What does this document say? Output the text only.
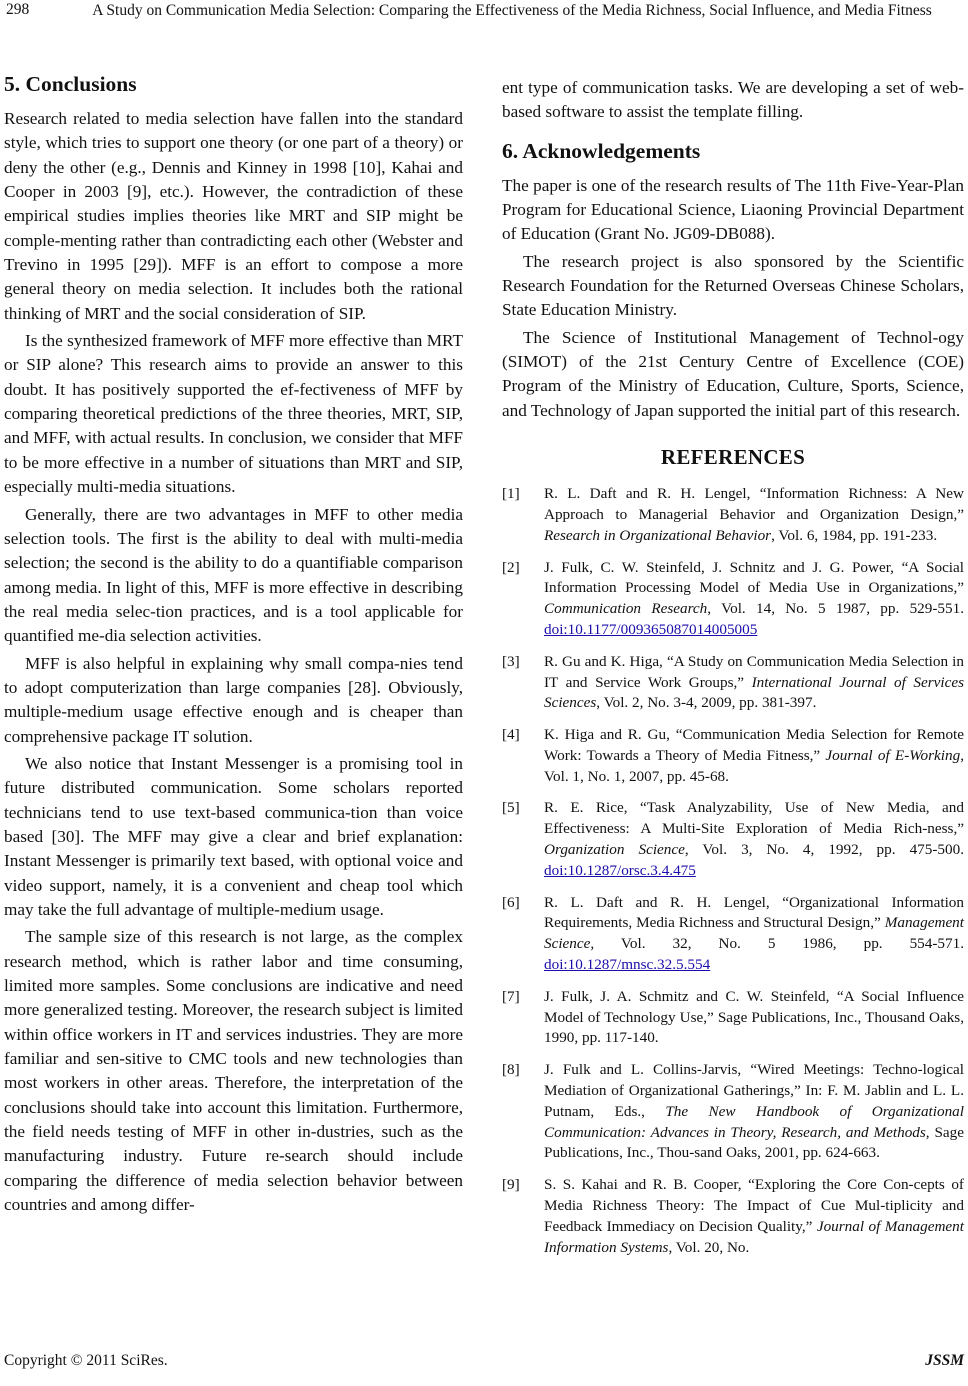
298	A Study on Communication Media Selection: Comparing the Effectiveness of the Media Richness, Social Influence, and Media Fitness
5. Conclusions

Research related to media selection have fallen into the standard style, which tries to support one theory (or one part of a theory) or deny the other (e.g., Dennis and Kinney in 1998 [10], Kahai and Cooper in 2003 [9], etc.). However, the contradiction of these empirical studies implies theories like MRT and SIP might be comple-menting rather than contradicting each other (Webster and Trevino in 1995 [29]). MFF is an effort to compose a more general theory on media selection. It includes both the rational thinking of MRT and the social consideration of SIP.

Is the synthesized framework of MFF more effective than MRT or SIP alone? This research aims to provide an answer to this doubt. It has positively supported the ef-fectiveness of MFF by comparing theoretical predictions of the three theories, MRT, SIP, and MFF, with actual results. In conclusion, we consider that MFF to be more effective in a number of situations than MRT and SIP, especially multi-media situations.

Generally, there are two advantages in MFF to other media selection tools. The first is the ability to deal with multi-media selection; the second is the ability to do a quantifiable comparison among media. In light of this, MFF is more effective in describing the real media selec-tion practices, and is a tool applicable for quantified me-dia selection activities.

MFF is also helpful in explaining why small compa-nies tend to adopt computerization than large companies [28]. Obviously, multiple-medium usage effective enough and is cheaper than comprehensive package IT solution.

We also notice that Instant Messenger is a promising tool in future distributed communication. Some scholars reported technicians tend to use text-based communica-tion than voice based [30]. The MFF may give a clear and brief explanation: Instant Messenger is primarily text based, with optional voice and video support, namely, it is a convenient and cheap tool which may take the full advantage of multiple-medium usage.

The sample size of this research is not large, as the complex research method, which is rather labor and time consuming, limited more samples. Some conclusions are indicative and need more generalized testing. Moreover, the research subject is limited within office workers in IT and services industries. They are more familiar and sen-sitive to CMC tools and new technologies than most workers in other areas. Therefore, the interpretation of the conclusions should take into account this limitation. Furthermore, the field needs testing of MFF in other in-dustries, such as the manufacturing industry. Future re-search should include comparing the difference of media selection behavior between countries and among differ-

ent type of communication tasks. We are developing a set of web-based software to assist the template filling.

6. Acknowledgements

The paper is one of the research results of The 11th Five-Year-Plan Program for Educational Science, Liaoning Provincial Department of Education (Grant No. JG09-DB088).

The research project is also sponsored by the Scientific Research Foundation for the Returned Overseas Chinese Scholars, State Education Ministry.

The Science of Institutional Management of Technol-ogy (SIMOT) of the 21st Century Centre of Excellence (COE) Program of the Ministry of Education, Culture, Sports, Science, and Technology of Japan supported the initial part of this research.

REFERENCES
[1]	R. L. Daft and R. H. Lengel, “Information Richness: A New Approach to Managerial Behavior and Organization Design,” Research in Organizational Behavior, Vol. 6, 1984, pp. 191-233.
[2]	J. Fulk, C. W. Steinfeld, J. Schnitz and J. G. Power, “A Social Information Processing Model of Media Use in Organizations,” Communication Research, Vol. 14, No. 5 1987, pp. 529-551. doi:10.1177/009365087014005005
[3]	R. Gu and K. Higa, “A Study on Communication Media Selection in IT and Service Work Groups,” International Journal of Services Sciences, Vol. 2, No. 3-4, 2009, pp. 381-397.
[4]	K. Higa and R. Gu, “Communication Media Selection for Remote Work: Towards a Theory of Media Fitness,” Journal of E-Working, Vol. 1, No. 1, 2007, pp. 45-68.
[5]	R. E. Rice, “Task Analyzability, Use of New Media, and Effectiveness: A Multi-Site Exploration of Media Rich-ness,” Organization Science, Vol. 3, No. 4, 1992, pp. 475-500. doi:10.1287/orsc.3.4.475
[6]	R. L. Daft and R. H. Lengel, “Organizational Information Requirements, Media Richness and Structural Design,” Management Science, Vol. 32, No. 5 1986, pp. 554-571. doi:10.1287/mnsc.32.5.554
[7]	J. Fulk, J. A. Schmitz and C. W. Steinfeld, “A Social Influence Model of Technology Use,” Sage Publications, Inc., Thousand Oaks, 1990, pp. 117-140.
[8]	J. Fulk and L. Collins-Jarvis, “Wired Meetings: Techno-logical Mediation of Organizational Gatherings,” In: F. M. Jablin and L. L. Putnam, Eds., The New Handbook of Organizational Communication: Advances in Theory, Research, and Methods, Sage Publications, Inc., Thou-sand Oaks, 2001, pp. 624-663.
[9]	S. S. Kahai and R. B. Cooper, “Exploring the Core Con-cepts of Media Richness Theory: The Impact of Cue Mul-tiplicity and Feedback Immediacy on Decision Quality,” Journal of Management Information Systems, Vol. 20, No.
Copyright © 2011 SciRes.	JSSM
